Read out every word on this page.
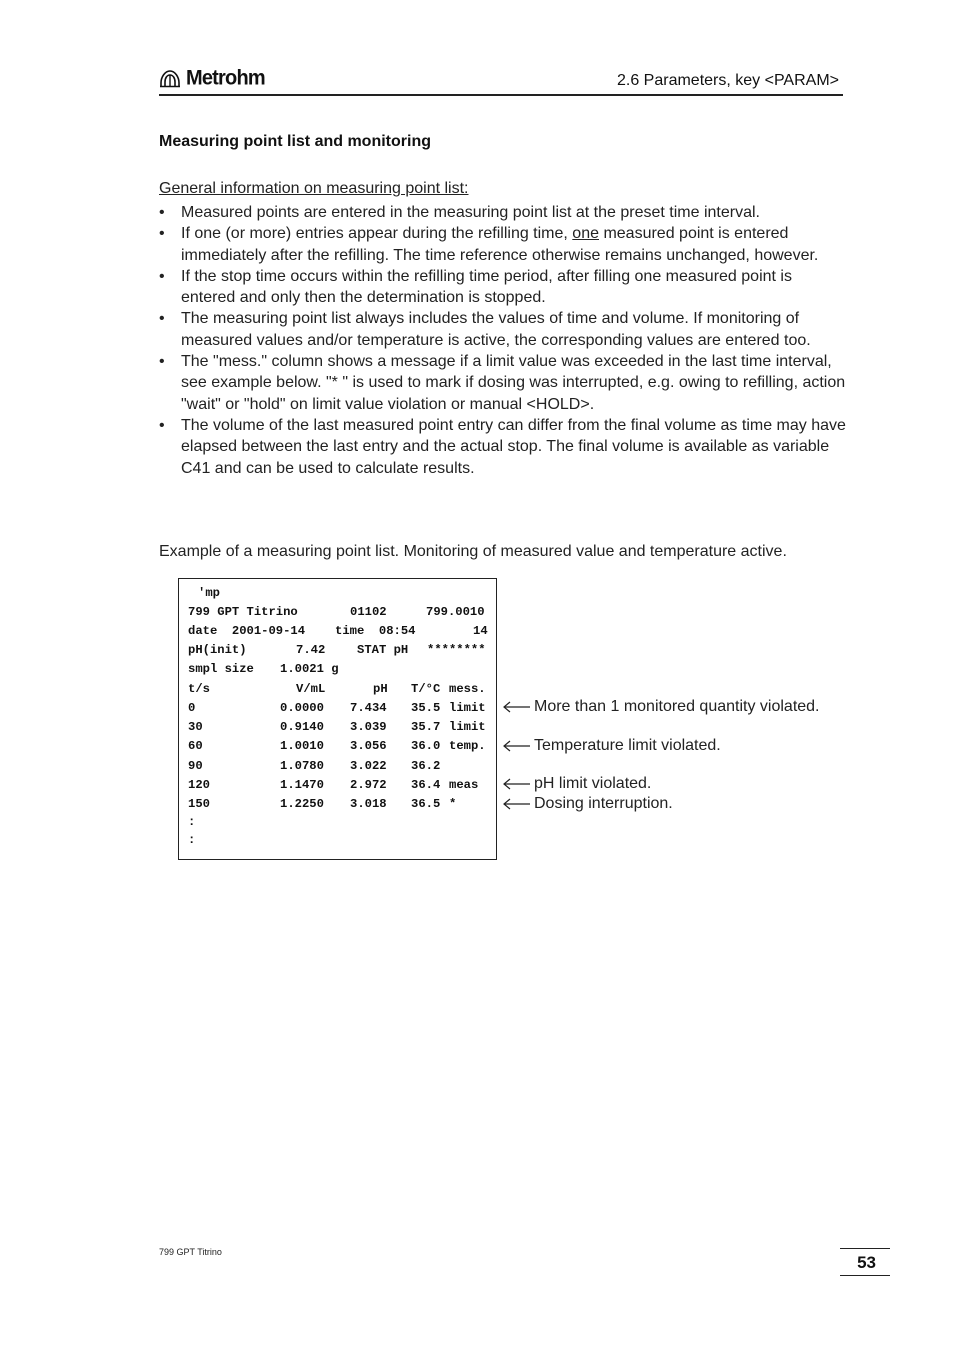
Metrohm	2.6 Parameters, key <PARAM>
Measuring point list and monitoring
General information on measuring point list:
• Measured points are entered in the measuring point list at the preset time interval.
• If one (or more) entries appear during the refilling time, one measured point is entered immediately after the refilling. The time reference otherwise remains unchanged, however.
• If the stop time occurs within the refilling time period, after filling one measured point is entered and only then the determination is stopped.
• The measuring point list always includes the values of time and volume. If monitoring of measured values and/or temperature is active, the corresponding values are entered too.
• The "mess." column shows a message if a limit value was exceeded in the last time interval, see example below. "* " is used to mark if dosing was interrupted, e.g. owing to refilling, action "wait" or "hold" on limit value violation or manual <HOLD>.
• The volume of the last measured point entry can differ from the final volume as time may have elapsed between the last entry and the actual stop. The final volume is available as variable C41 and can be used to calculate results.
Example of a measuring point list. Monitoring of measured value and temperature active.
'mp
799 GPT Titrino	01102	799.0010
date  2001-09-14 time  08:54	14
pH(init)	7.42	STAT pH ********
smpl size 1.0021 g
t/s	V/mL	pH T/°C mess.
0	0.0000 7.434 35.5 limit
30	0.9140 3.039 35.7 limit
60	1.0010 3.056 36.0 temp.
90	1.0780 3.022 36.2
120	1.1470 2.972 36.4 meas
150	1.2250 3.018 36.5 *
:
:
More than 1 monitored quantity violated.
Temperature limit violated.
pH limit violated.
Dosing interruption.
799 GPT Titrino
53
